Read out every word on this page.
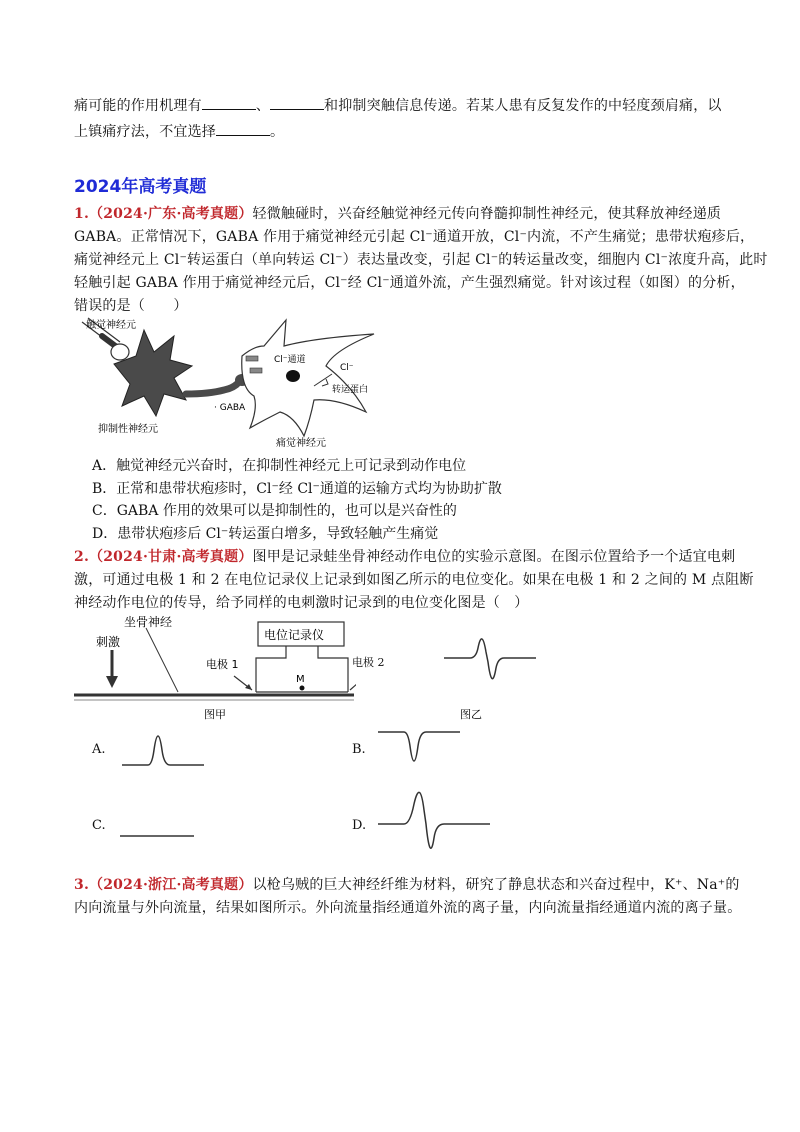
痛可能的作用机理有	、	和抑制突触信息传递。若某人患有反复发作的中轻度颈肩痛，以
上镇痛疗法，不宜选择	。
2024年高考真题
1.（2024·广东·高考真题）轻微触碰时，兴奋经触觉神经元传向脊髓抑制性神经元，使其释放神经递质
GABA。正常情况下，GABA 作用于痛觉神经元引起 Cl⁻通道开放，Cl⁻内流，不产生痛觉；患带状疱疹后，
痛觉神经元上 Cl⁻转运蛋白（单向转运 Cl⁻）表达量改变，引起 Cl⁻的转运量改变，细胞内 Cl⁻浓度升高，此时
轻触引起 GABA 作用于痛觉神经元后，Cl⁻经 Cl⁻通道外流，产生强烈痛觉。针对该过程（如图）的分析，
错误的是（　　）
触觉神经元
Cl⁻通道
Cl⁻
转运蛋白
· GABA
抑制性神经元
痛觉神经元
A．触觉神经元兴奋时，在抑制性神经元上可记录到动作电位
B．正常和患带状疱疹时，Cl⁻经 Cl⁻通道的运输方式均为协助扩散
C．GABA 作用的效果可以是抑制性的，也可以是兴奋性的
D．患带状疱疹后 Cl⁻转运蛋白增多，导致轻触产生痛觉
2.（2024·甘肃·高考真题）图甲是记录蛙坐骨神经动作电位的实验示意图。在图示位置给予一个适宜电刺
激，可通过电极 1 和 2 在电位记录仪上记录到如图乙所示的电位变化。如果在电极 1 和 2 之间的 M 点阻断
神经动作电位的传导，给予同样的电刺激时记录到的电位变化图是（　）
坐骨神经
刺激	电位记录仪
电极 1
M
图甲
电极 2
图乙
A.	B.
C.	D.
3.（2024·浙江·高考真题）以枪乌贼的巨大神经纤维为材料，研究了静息状态和兴奋过程中，K⁺、Na⁺的
内向流量与外向流量，结果如图所示。外向流量指经通道外流的离子量，内向流量指经通道内流的离子量。
